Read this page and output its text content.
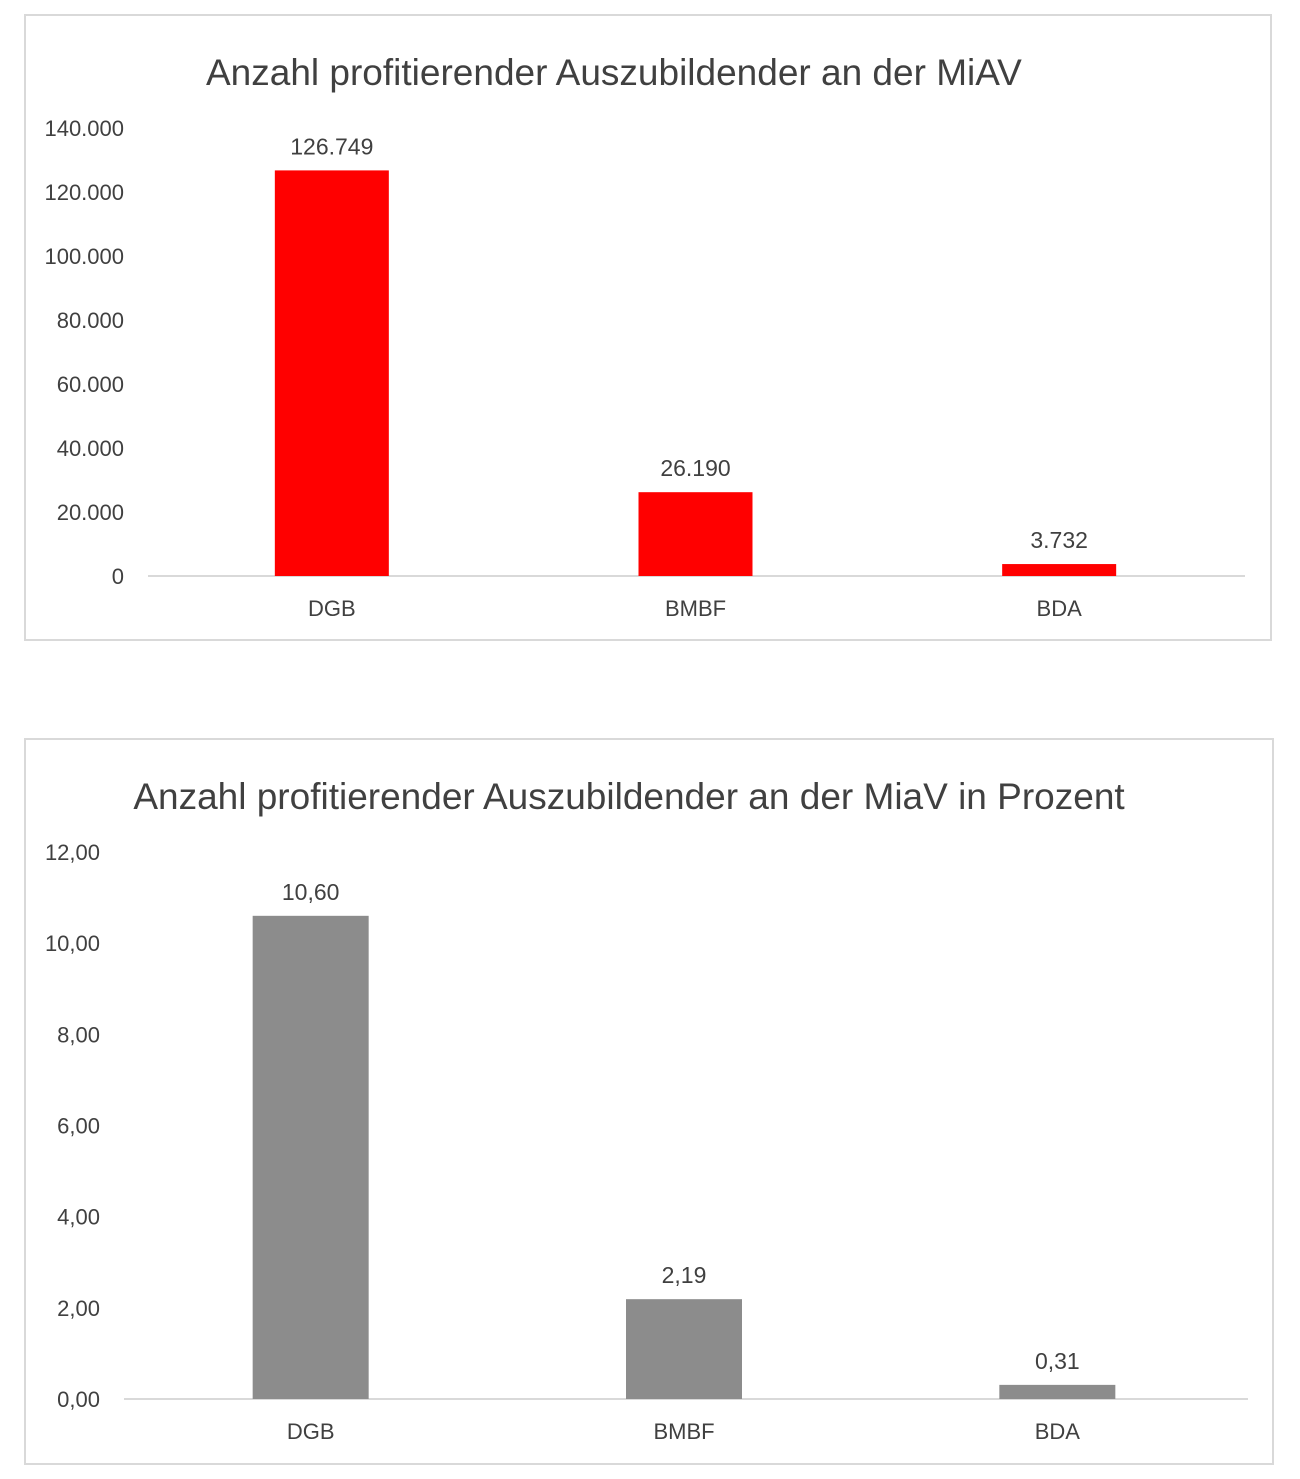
Anzahl profitierender Auszubildender an der MiAV
0
20.000
40.000
60.000
80.000
100.000
120.000
140.000
126.749
DGB
26.190
BMBF
3.732
BDA
Anzahl profitierender Auszubildender an der MiaV in Prozent
0,00
2,00
4,00
6,00
8,00
10,00
12,00
10,60
DGB
2,19
BMBF
0,31
BDA
